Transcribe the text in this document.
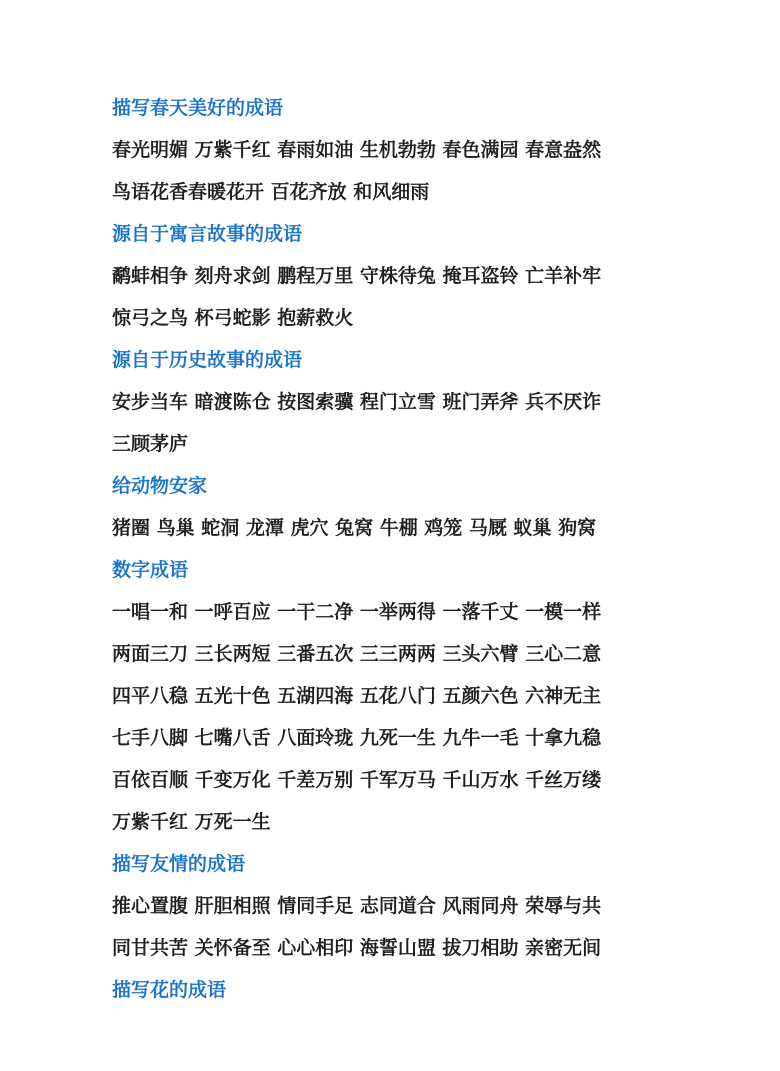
描写春天美好的成语
春光明媚 万紫千红 春雨如油 生机勃勃 春色满园 春意盎然
鸟语花香春暖花开 百花齐放 和风细雨
源自于寓言故事的成语
鹬蚌相争 刻舟求剑 鹏程万里 守株待兔 掩耳盗铃 亡羊补牢
惊弓之鸟 杯弓蛇影 抱薪救火
源自于历史故事的成语
安步当车 暗渡陈仓 按图索骥 程门立雪 班门弄斧 兵不厌诈
三顾茅庐
给动物安家
猪圈 鸟巢 蛇洞 龙潭 虎穴 兔窝 牛棚 鸡笼 马厩 蚁巢 狗窝
数字成语
一唱一和 一呼百应 一干二净 一举两得 一落千丈 一模一样
两面三刀 三长两短 三番五次 三三两两 三头六臂 三心二意
四平八稳 五光十色 五湖四海 五花八门 五颜六色 六神无主
七手八脚 七嘴八舌 八面玲珑 九死一生 九牛一毛 十拿九稳
百依百顺 千变万化 千差万别 千军万马 千山万水 千丝万缕
万紫千红 万死一生
描写友情的成语
推心置腹 肝胆相照 情同手足 志同道合 风雨同舟 荣辱与共
同甘共苦 关怀备至 心心相印 海誓山盟 拔刀相助 亲密无间
描写花的成语
